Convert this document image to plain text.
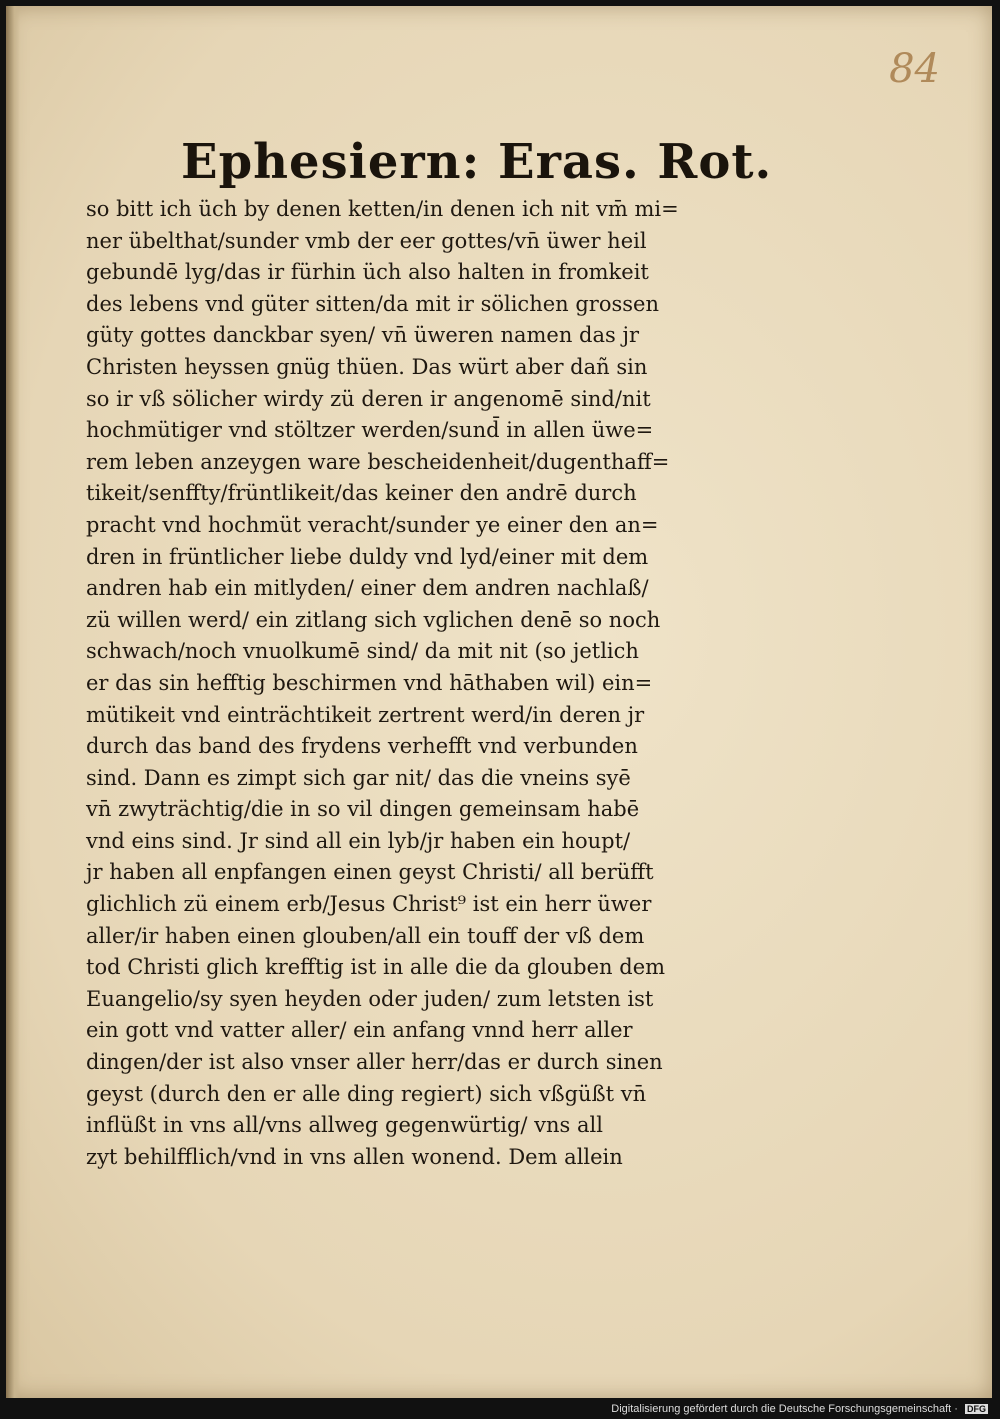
84
Ephesiern: Eras. Rot.
so bitt ich üch by denen ketten/in denen ich nit vm̄ mi=
ner übelthat/sunder vmb der eer gottes/vn̄ üwer heil
gebundē lyg/das ir fürhin üch also halten in fromkeit
des lebens vnd güter sitten/da mit ir sölichen grossen
güty gottes danckbar syen/ vn̄ üweren namen das jr
Christen heyssen gnüg thüen. Das würt aber dañ sin
so ir vß sölicher wirdy zü deren ir angenomē sind/nit
hochmütiger vnd stöltzer werden/sund̄ in allen üwe=
rem leben anzeygen ware bescheidenheit/dugenthaff=
tikeit/senffty/früntlikeit/das keiner den andrē durch
pracht vnd hochmüt veracht/sunder ye einer den an=
dren in früntlicher liebe duldy vnd lyd/einer mit dem
andren hab ein mitlyden/ einer dem andren nachlaß/
zü willen werd/ ein zitlang sich vglichen denē so noch
schwach/noch vnuolkumē sind/ da mit nit (so jetlich
er das sin hefftig beschirmen vnd hāthaben wil) ein=
mütikeit vnd einträchtikeit zertrent werd/in deren jr
durch das band des frydens verhefft vnd verbunden
sind. Dann es zimpt sich gar nit/ das die vneins syē
vn̄ zwyträchtig/die in so vil dingen gemeinsam habē
vnd eins sind. Jr sind all ein lyb/jr haben ein houpt/
jr haben all enpfangen einen geyst Christi/ all berüfft
glichlich zü einem erb/Jesus Christ⁹ ist ein herr üwer
aller/ir haben einen glouben/all ein touff der vß dem
tod Christi glich krefftig ist in alle die da glouben dem
Euangelio/sy syen heyden oder juden/ zum letsten ist
ein gott vnd vatter aller/ ein anfang vnnd herr aller
dingen/der ist also vnser aller herr/das er durch sinen
geyst (durch den er alle ding regiert) sich vßgüßt vn̄
inflüßt in vns all/vns allweg gegenwürtig/ vns all
zyt behilfflich/vnd in vns allen wonend. Dem allein
Digitalisierung gefördert durch die Deutsche Forschungsgemeinschaft · DFG
